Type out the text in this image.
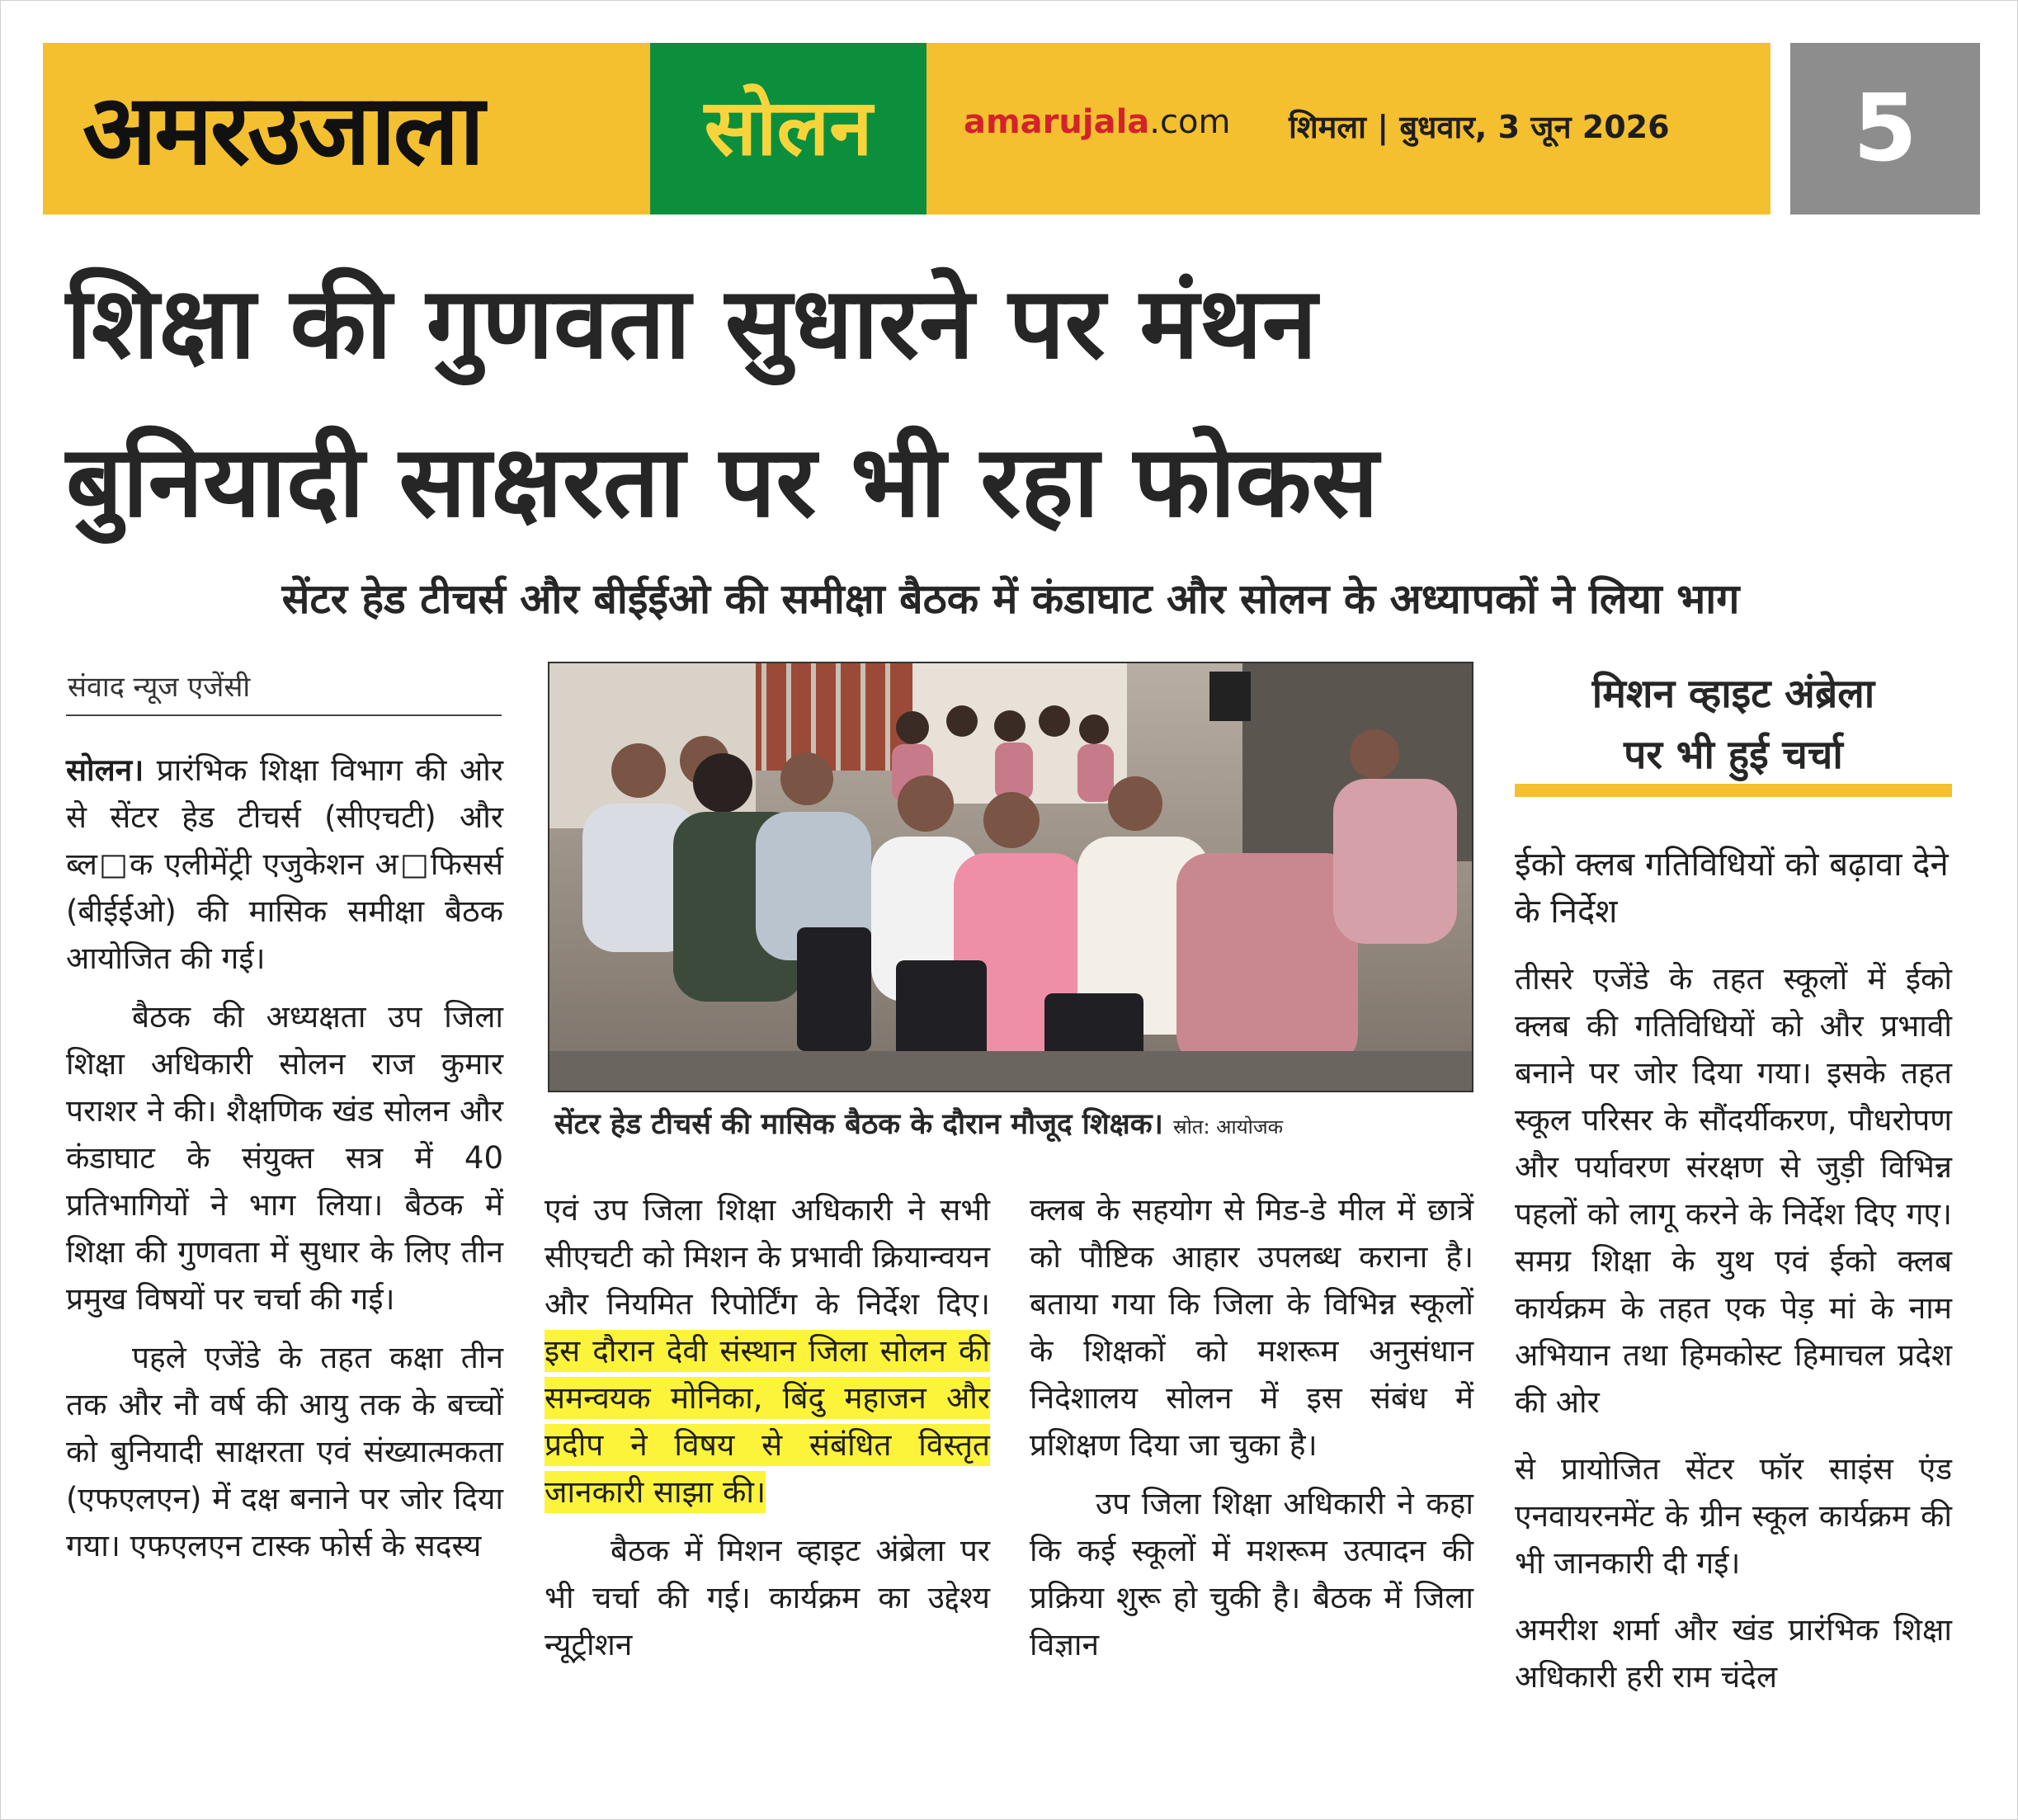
अमरउजाला	सोलन	amarujala.com शिमला | बुधवार, 3 जून 2026	5
शिक्षा की गुणवता सुधारने पर मंथन
बुनियादी साक्षरता पर भी रहा फोकस
सेंटर हेड टीचर्स और बीईईओ की समीक्षा बैठक में कंडाघाट और सोलन के अध्यापकों ने लिया भाग
संवाद न्यूज एजेंसी

सोलन। प्रारंभिक शिक्षा विभाग की ओर से सेंटर हेड टीचर्स (सीएचटी) और ब्ल□क एलीमेंट्री एजुकेशन अ□फिसर्स (बीईईओ) की मासिक समीक्षा बैठक आयोजित की गई।

बैठक की अध्यक्षता उप जिला शिक्षा अधिकारी सोलन राज कुमार पराशर ने की। शैक्षणिक खंड सोलन और कंडाघाट के संयुक्त सत्र में 40 प्रतिभागियों ने भाग लिया। बैठक में शिक्षा की गुणवता में सुधार के लिए तीन प्रमुख विषयों पर चर्चा की गई।

पहले एजेंडे के तहत कक्षा तीन तक और नौ वर्ष की आयु तक के बच्चों को बुनियादी साक्षरता एवं संख्यात्मकता (एफएलएन) में दक्ष बनाने पर जोर दिया गया। एफएलएन टास्क फोर्स के सदस्य

सेंटर हेड टीचर्स की मासिक बैठक के दौरान मौजूद शिक्षक। स्रोत: आयोजक

एवं उप जिला शिक्षा अधिकारी ने सभी सीएचटी को मिशन के प्रभावी क्रियान्वयन और नियमित रिपोर्टिंग के निर्देश दिए। इस दौरान देवी संस्थान जिला सोलन की समन्वयक मोनिका, बिंदु महाजन और प्रदीप ने विषय से संबंधित विस्तृत जानकारी साझा की।

बैठक में मिशन व्हाइट अंब्रेला पर भी चर्चा की गई। कार्यक्रम का उद्देश्य न्यूट्रीशन

क्लब के सहयोग से मिड-डे मील में छात्रें को पौष्टिक आहार उपलब्ध कराना है। बताया गया कि जिला के विभिन्न स्कूलों के शिक्षकों को मशरूम अनुसंधान निदेशालय सोलन में इस संबंध में प्रशिक्षण दिया जा चुका है।

उप जिला शिक्षा अधिकारी ने कहा कि कई स्कूलों में मशरूम उत्पादन की प्रक्रिया शुरू हो चुकी है। बैठक में जिला विज्ञान

मिशन व्हाइट अंब्रेला
पर भी हुई चर्चा

ईको क्लब गतिविधियों को बढ़ावा देने के निर्देश

तीसरे एजेंडे के तहत स्कूलों में ईको क्लब की गतिविधियों को और प्रभावी बनाने पर जोर दिया गया। इसके तहत स्कूल परिसर के सौंदर्यीकरण, पौधरोपण और पर्यावरण संरक्षण से जुड़ी विभिन्न पहलों को लागू करने के निर्देश दिए गए। समग्र शिक्षा के युथ एवं ईको क्लब कार्यक्रम के तहत एक पेड़ मां के नाम अभियान तथा हिमकोस्ट हिमाचल प्रदेश की ओर

से प्रायोजित सेंटर फॉर साइंस एंड एनवायरनमेंट के ग्रीन स्कूल कार्यक्रम की भी जानकारी दी गई।

अमरीश शर्मा और खंड प्रारंभिक शिक्षा अधिकारी हरी राम चंदेल
